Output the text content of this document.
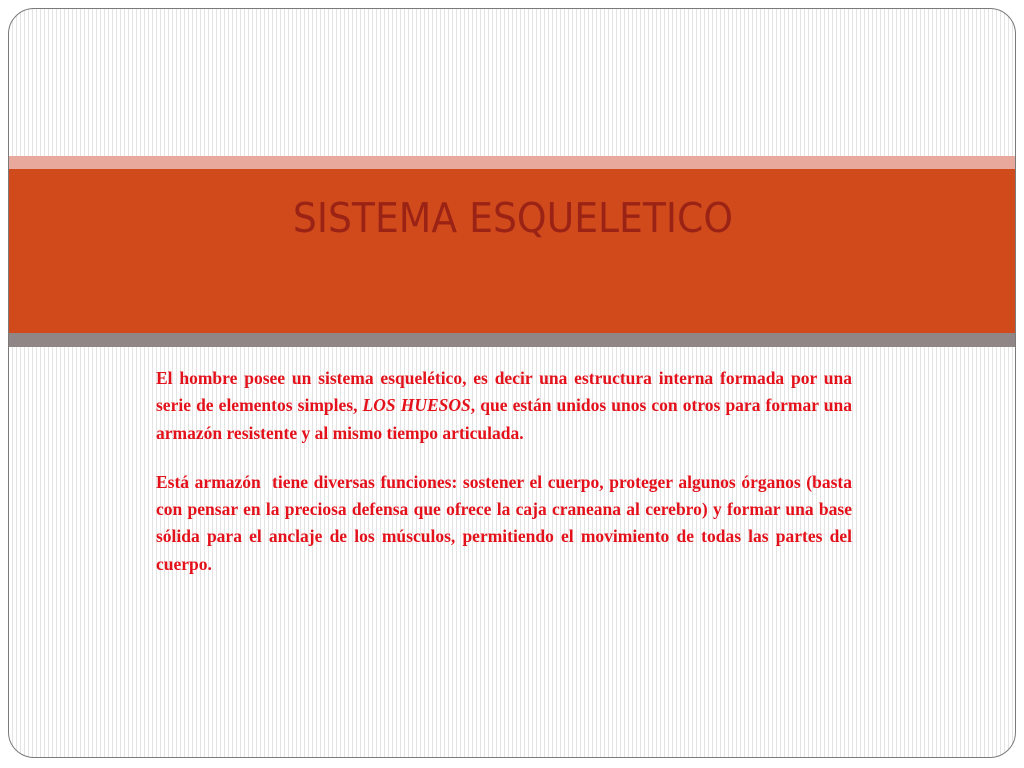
SISTEMA ESQUELETICO

El hombre posee un sistema esquelético, es decir una estructura interna formada por una serie de elementos simples, LOS HUESOS, que están unidos unos con otros para formar una armazón resistente y al mismo tiempo articulada.

Está armazón  tiene diversas funciones: sostener el cuerpo, proteger algunos órganos (basta con pensar en la preciosa defensa que ofrece la caja craneana al cerebro) y formar una base sólida para el anclaje de los músculos, permitiendo el movimiento de todas las partes del cuerpo.
